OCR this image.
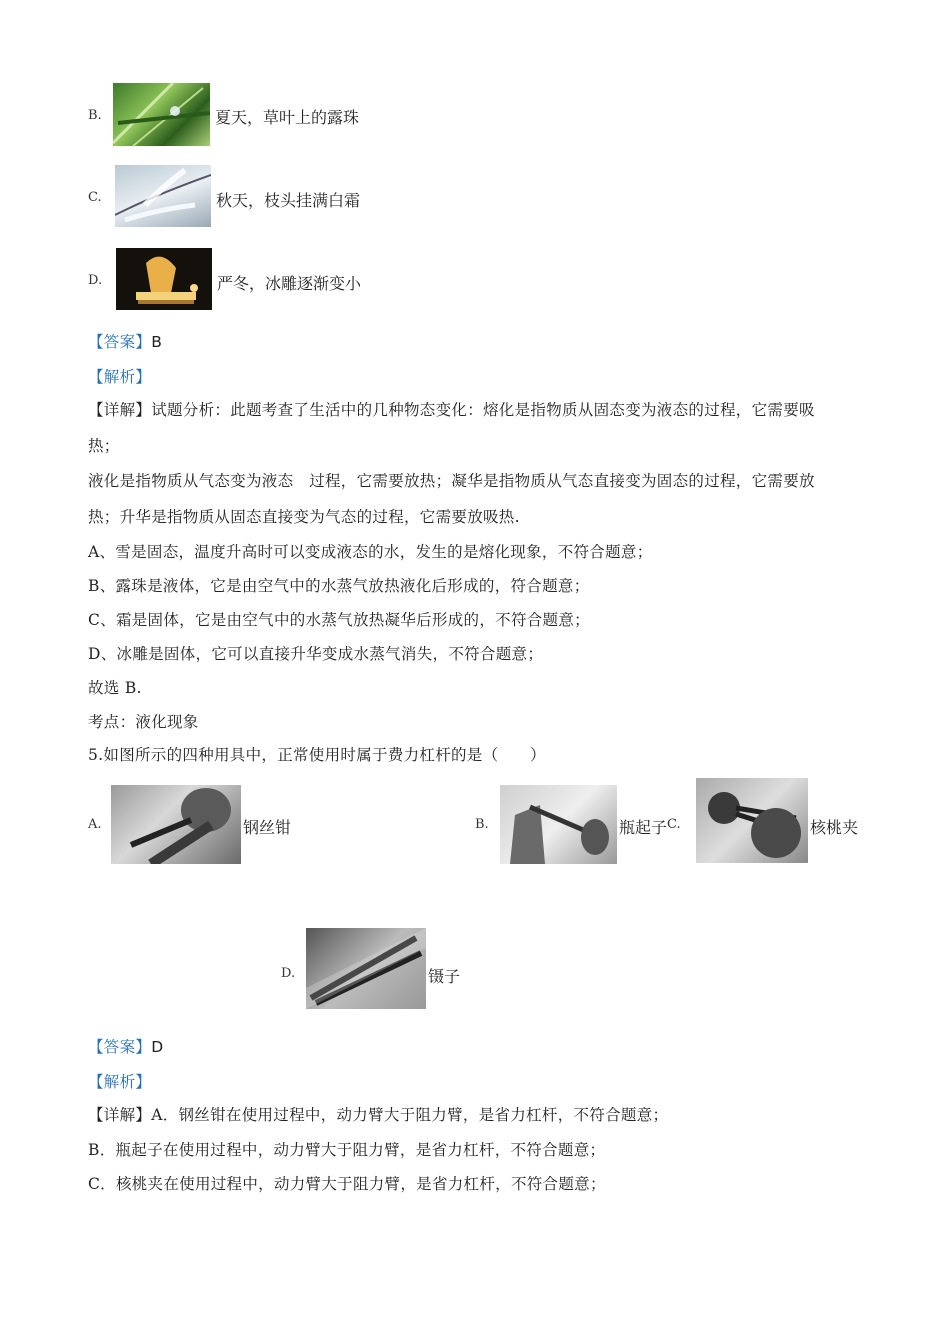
B.	夏天，草叶上的露珠
C.	秋天，枝头挂满白霜
D.	严冬，冰雕逐渐变小
【答案】B
【解析】
【详解】试题分析：此题考查了生活中的几种物态变化：熔化是指物质从固态变为液态的过程，它需要吸
热；
液化是指物质从气态变为液态　过程，它需要放热；凝华是指物质从气态直接变为固态的过程，它需要放
热；升华是指物质从固态直接变为气态的过程，它需要放吸热.
A、雪是固态，温度升高时可以变成液态的水，发生的是熔化现象，不符合题意；
B、露珠是液体，它是由空气中的水蒸气放热液化后形成的，符合题意；
C、霜是固体，它是由空气中的水蒸气放热凝华后形成的，不符合题意；
D、冰雕是固体，它可以直接升华变成水蒸气消失，不符合题意；
故选 B.
考点：液化现象
5.如图所示的四种用具中，正常使用时属于费力杠杆的是（　　）
A.	钢丝钳	B.	瓶起子 C.	核桃夹
D.	镊子
【答案】D
【解析】
【详解】A．钢丝钳在使用过程中，动力臂大于阻力臂，是省力杠杆，不符合题意；
B．瓶起子在使用过程中，动力臂大于阻力臂，是省力杠杆，不符合题意；
C．核桃夹在使用过程中，动力臂大于阻力臂，是省力杠杆，不符合题意；
